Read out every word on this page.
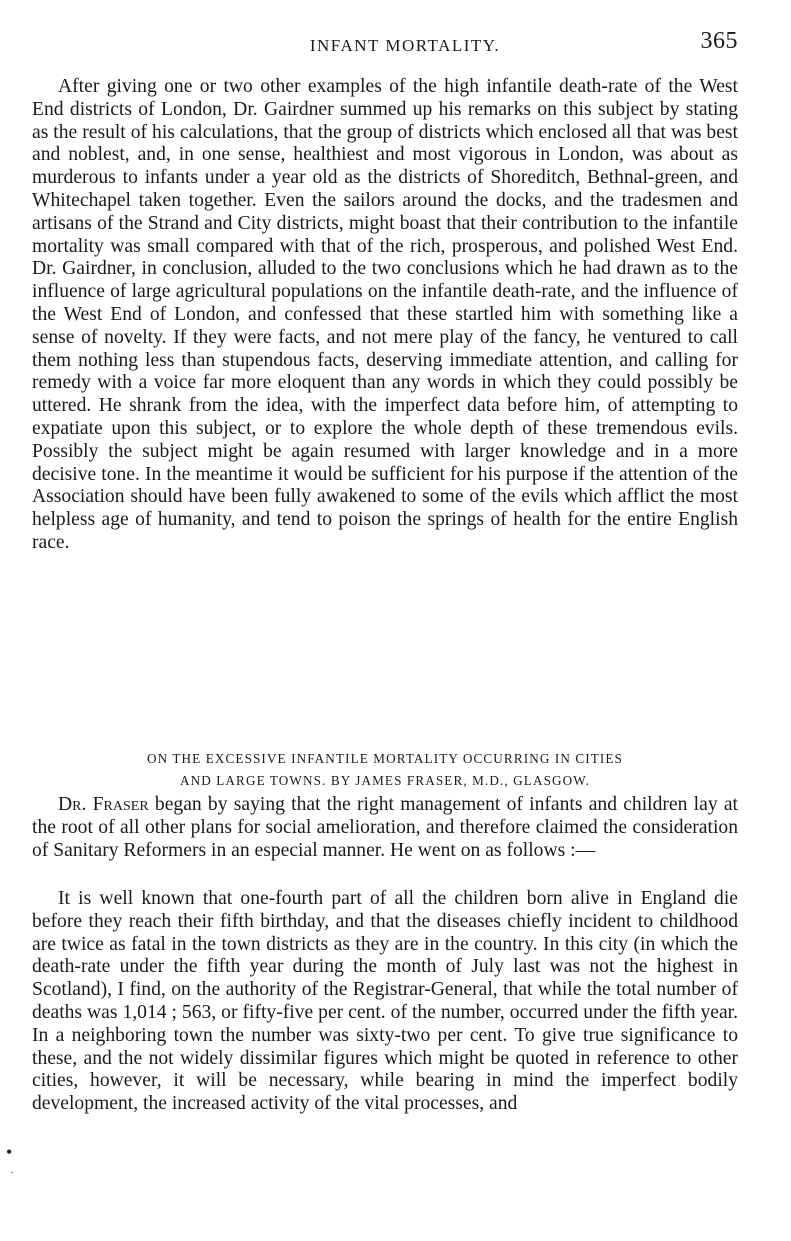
INFANT MORTALITY.	365

After giving one or two other examples of the high infantile death-rate of the West End districts of London, Dr. Gairdner summed up his remarks on this subject by stating as the result of his calculations, that the group of districts which enclosed all that was best and noblest, and, in one sense, healthiest and most vigorous in London, was about as murderous to infants under a year old as the districts of Shoreditch, Bethnal-green, and Whitechapel taken together. Even the sailors around the docks, and the tradesmen and artisans of the Strand and City districts, might boast that their contribution to the infantile mortality was small compared with that of the rich, prosperous, and polished West End. Dr. Gairdner, in conclusion, alluded to the two conclusions which he had drawn as to the influence of large agricultural populations on the infantile death-rate, and the influence of the West End of London, and confessed that these startled him with something like a sense of novelty. If they were facts, and not mere play of the fancy, he ventured to call them nothing less than stupendous facts, deserving immediate attention, and calling for remedy with a voice far more eloquent than any words in which they could possibly be uttered. He shrank from the idea, with the imperfect data before him, of attempting to expatiate upon this subject, or to explore the whole depth of these tremendous evils. Possibly the subject might be again resumed with larger knowledge and in a more decisive tone. In the meantime it would be sufficient for his purpose if the attention of the Association should have been fully awakened to some of the evils which afflict the most helpless age of humanity, and tend to poison the springs of health for the entire English race.

ON THE EXCESSIVE INFANTILE MORTALITY OCCURRING IN CITIES
AND LARGE TOWNS. BY JAMES FRASER, M.D., GLASGOW.

Dr. Fraser began by saying that the right management of infants and children lay at the root of all other plans for social amelioration, and therefore claimed the consideration of Sanitary Reformers in an especial manner. He went on as follows :—

It is well known that one-fourth part of all the children born alive in England die before they reach their fifth birthday, and that the diseases chiefly incident to childhood are twice as fatal in the town districts as they are in the country. In this city (in which the death-rate under the fifth year during the month of July last was not the highest in Scotland), I find, on the authority of the Registrar-General, that while the total number of deaths was 1,014 ; 563, or fifty-five per cent. of the number, occurred under the fifth year. In a neighboring town the number was sixty-two per cent. To give true significance to these, and the not widely dissimilar figures which might be quoted in reference to other cities, however, it will be necessary, while bearing in mind the imperfect bodily development, the increased activity of the vital processes, and

•
·
